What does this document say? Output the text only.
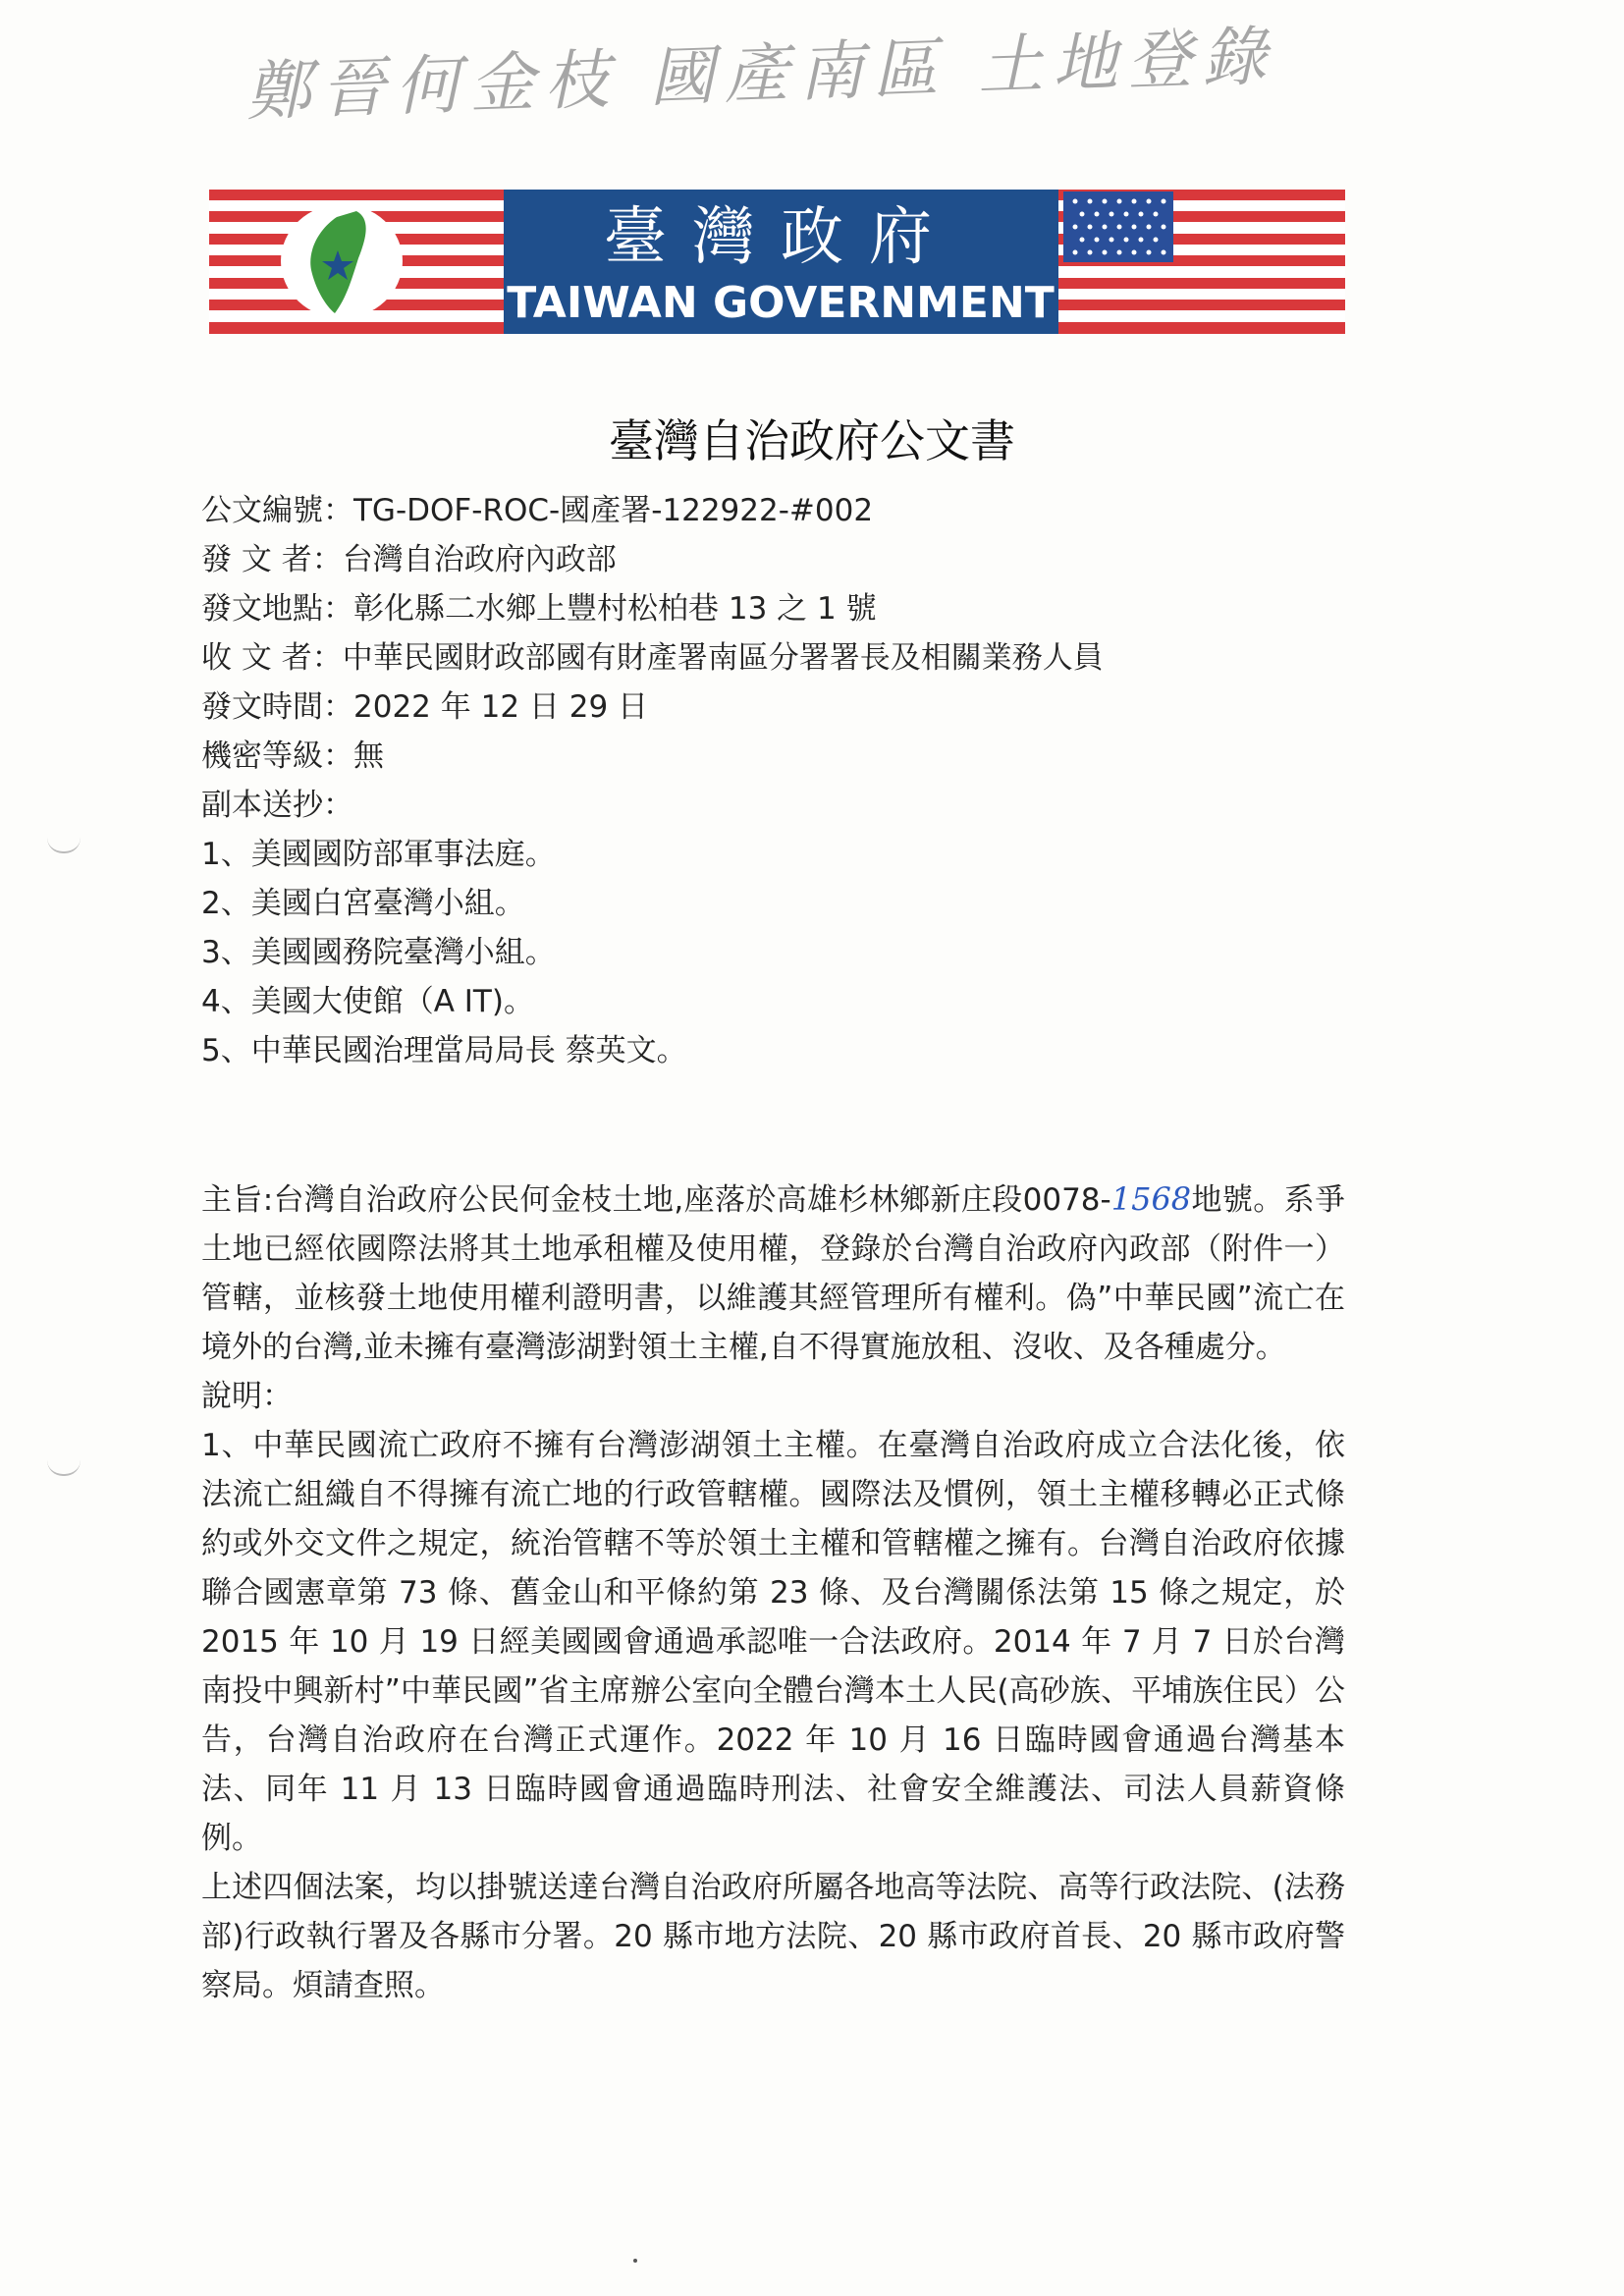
鄭晉何金枝 國產南區 土地登錄
臺灣政府
TAIWAN GOVERNMENT
臺灣自治政府公文書
公文編號：TG-DOF-ROC-國產署-122922-#002
發 文 者：台灣自治政府內政部
發文地點：彰化縣二水鄉上豐村松柏巷 13 之 1 號
收 文 者：中華民國財政部國有財產署南區分署署長及相關業務人員
發文時間：2022 年 12 日 29 日
機密等級：無
副本送抄：
1、美國國防部軍事法庭。
2、美國白宮臺灣小組。
3、美國國務院臺灣小組。
4、美國大使館（A IT)。
5、中華民國治理當局局長 蔡英文。

主旨:台灣自治政府公民何金枝土地,座落於高雄杉林鄉新庄段0078-1568地號。系爭土地已經依國際法將其土地承租權及使用權，登錄於台灣自治政府內政部（附件一）管轄，並核發土地使用權利證明書，以維護其經管理所有權利。偽”中華民國”流亡在境外的台灣,並未擁有臺灣澎湖對領土主權,自不得實施放租、沒收、及各種處分。

說明：

1、中華民國流亡政府不擁有台灣澎湖領土主權。在臺灣自治政府成立合法化後，依法流亡組織自不得擁有流亡地的行政管轄權。國際法及慣例，領土主權移轉必正式條約或外交文件之規定，統治管轄不等於領土主權和管轄權之擁有。台灣自治政府依據聯合國憲章第 73 條、舊金山和平條約第 23 條、及台灣關係法第 15 條之規定，於 2015 年 10 月 19 日經美國國會通過承認唯一合法政府。2014 年 7 月 7 日於台灣南投中興新村”中華民國”省主席辦公室向全體台灣本土人民(高砂族、平埔族住民）公告，台灣自治政府在台灣正式運作。2022 年 10 月 16 日臨時國會通過台灣基本法、同年 11 月 13 日臨時國會通過臨時刑法、社會安全維護法、司法人員薪資條例。

上述四個法案，均以掛號送達台灣自治政府所屬各地高等法院、高等行政法院、(法務部)行政執行署及各縣市分署。20 縣市地方法院、20 縣市政府首長、20 縣市政府警察局。煩請查照。
